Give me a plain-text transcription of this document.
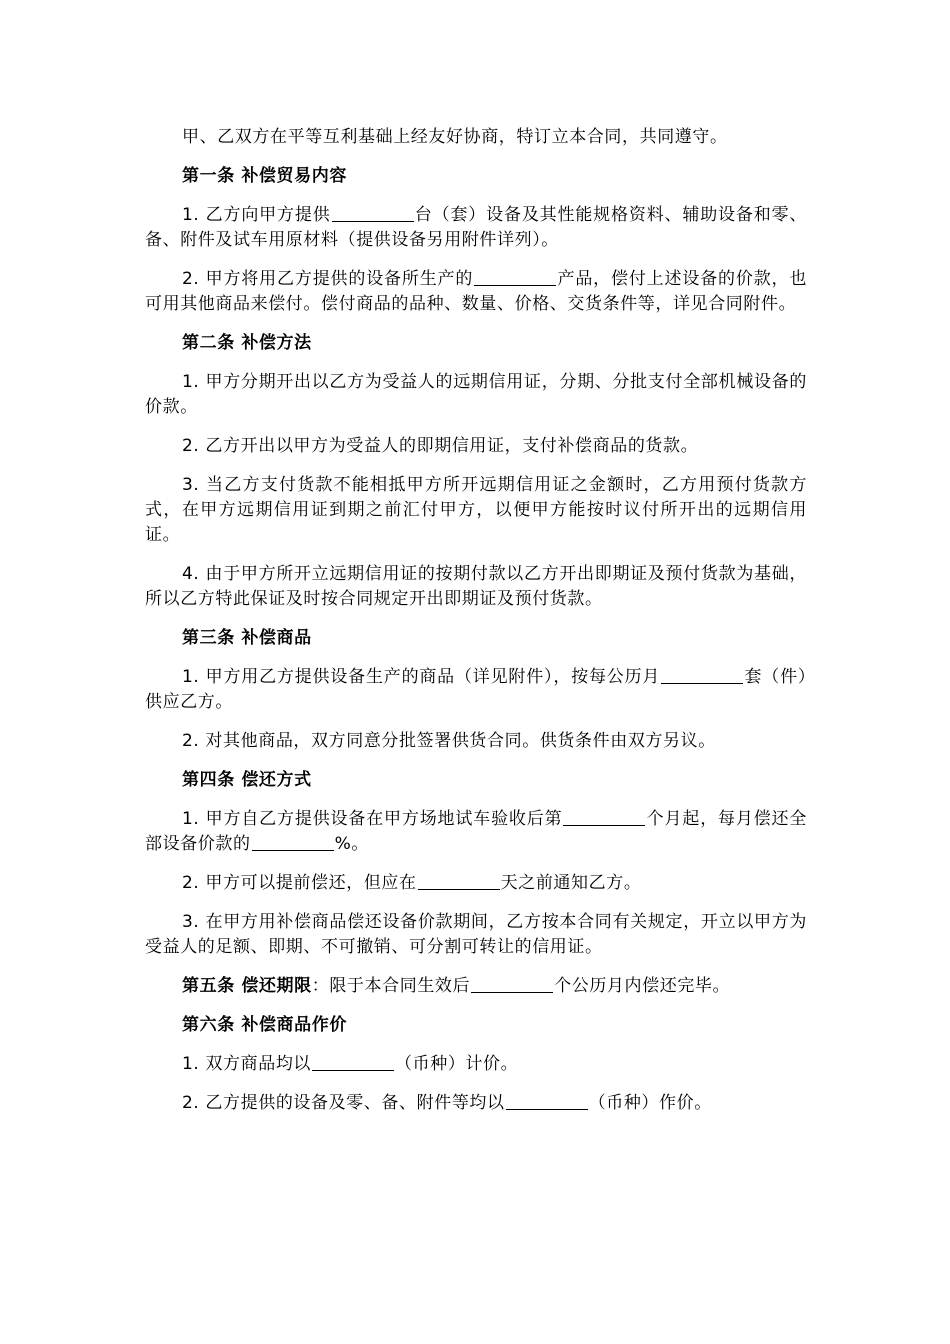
甲、乙双方在平等互利基础上经友好协商，特订立本合同，共同遵守。

第一条 补偿贸易内容

1. 乙方向甲方提供	台（套）设备及其性能规格资料、辅助设备和零、备、附件及试车用原材料（提供设备另用附件详列）。

2. 甲方将用乙方提供的设备所生产的	产品，偿付上述设备的价款，也可用其他商品来偿付。偿付商品的品种、数量、价格、交货条件等，详见合同附件。

第二条 补偿方法

1. 甲方分期开出以乙方为受益人的远期信用证，分期、分批支付全部机械设备的价款。

2. 乙方开出以甲方为受益人的即期信用证，支付补偿商品的货款。

3. 当乙方支付货款不能相抵甲方所开远期信用证之金额时，乙方用预付货款方式，在甲方远期信用证到期之前汇付甲方，以便甲方能按时议付所开出的远期信用证。

4. 由于甲方所开立远期信用证的按期付款以乙方开出即期证及预付货款为基础，所以乙方特此保证及时按合同规定开出即期证及预付货款。

第三条 补偿商品

1. 甲方用乙方提供设备生产的商品（详见附件），按每公历月	套（件）供应乙方。

2. 对其他商品，双方同意分批签署供货合同。供货条件由双方另议。

第四条 偿还方式

1. 甲方自乙方提供设备在甲方场地试车验收后第	个月起，每月偿还全部设备价款的	%。

2. 甲方可以提前偿还，但应在	天之前通知乙方。

3. 在甲方用补偿商品偿还设备价款期间，乙方按本合同有关规定，开立以甲方为受益人的足额、即期、不可撤销、可分割可转让的信用证。

第五条 偿还期限：限于本合同生效后	个公历月内偿还完毕。

第六条 补偿商品作价

1. 双方商品均以	（币种）计价。

2. 乙方提供的设备及零、备、附件等均以	（币种）作价。
